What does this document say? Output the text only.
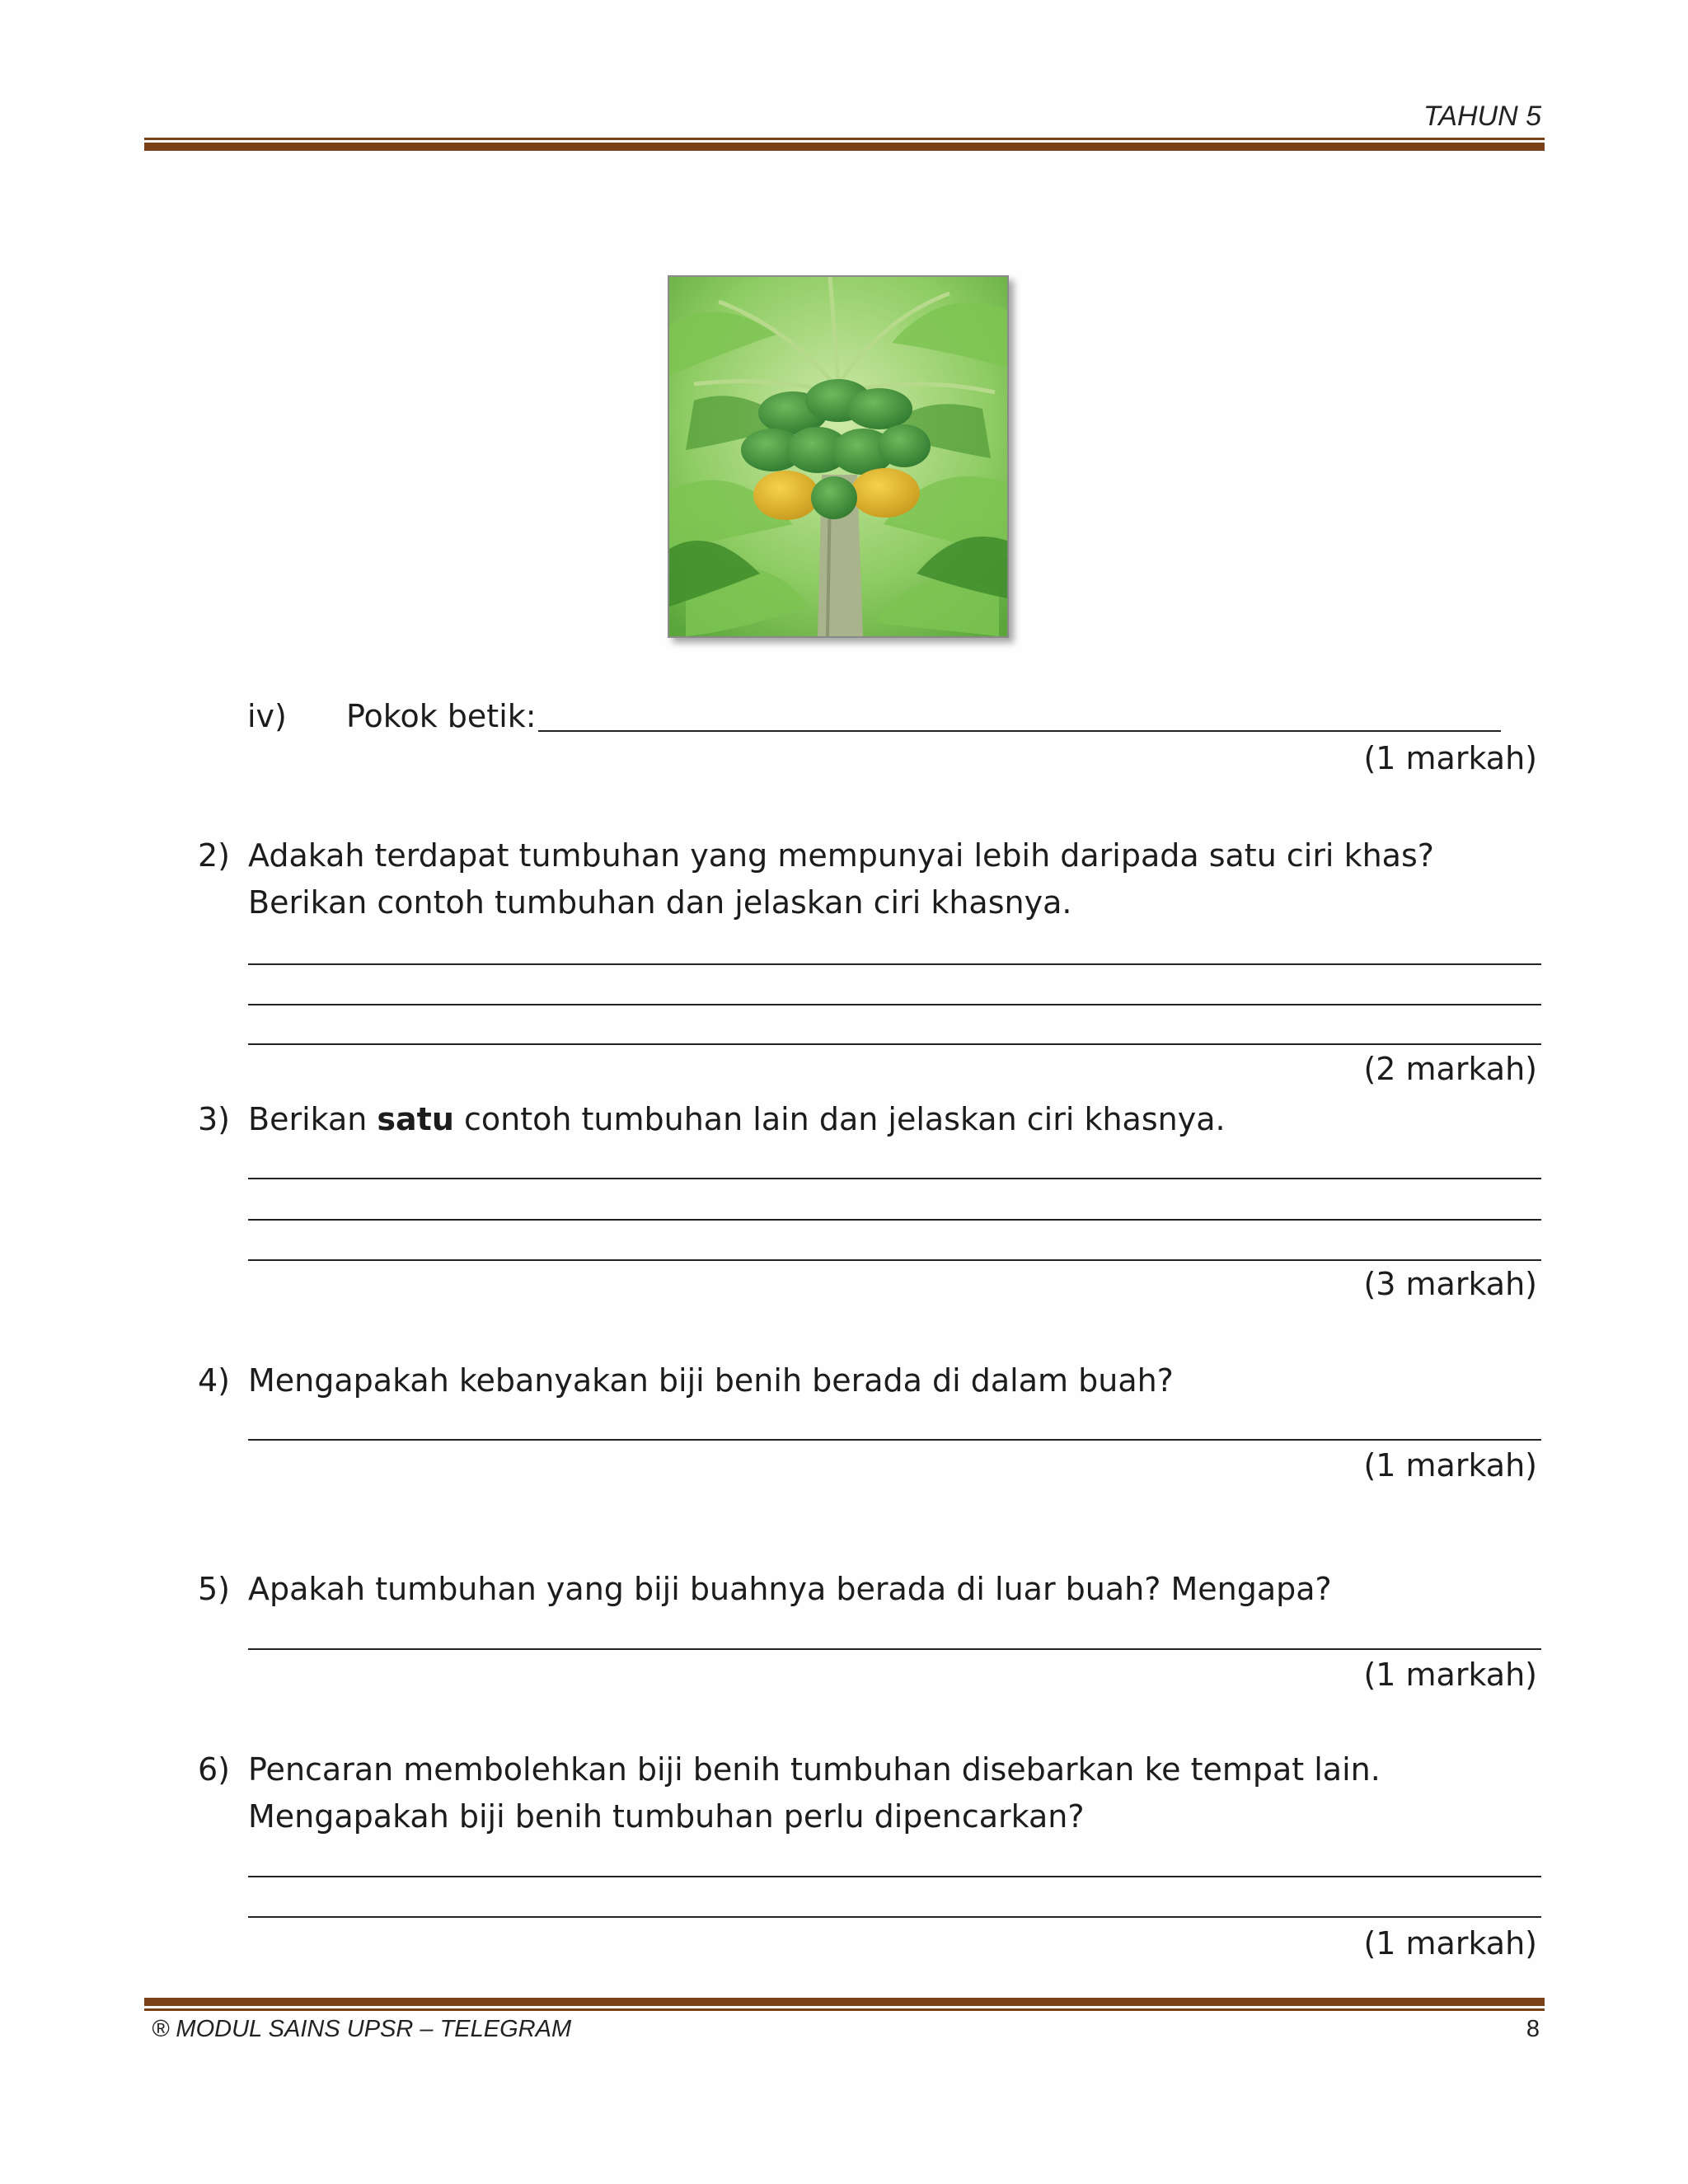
TAHUN 5
iv) Pokok betik:
(1 markah)
2) Adakah terdapat tumbuhan yang mempunyai lebih daripada satu ciri khas?
Berikan contoh tumbuhan dan jelaskan ciri khasnya.
(2 markah)
3) Berikan satu contoh tumbuhan lain dan jelaskan ciri khasnya.
(3 markah)
4) Mengapakah kebanyakan biji benih berada di dalam buah?
(1 markah)
5) Apakah tumbuhan yang biji buahnya berada di luar buah? Mengapa?
(1 markah)
6) Pencaran membolehkan biji benih tumbuhan disebarkan ke tempat lain.
Mengapakah biji benih tumbuhan perlu dipencarkan?
(1 markah)
® MODUL SAINS UPSR – TELEGRAM	8
